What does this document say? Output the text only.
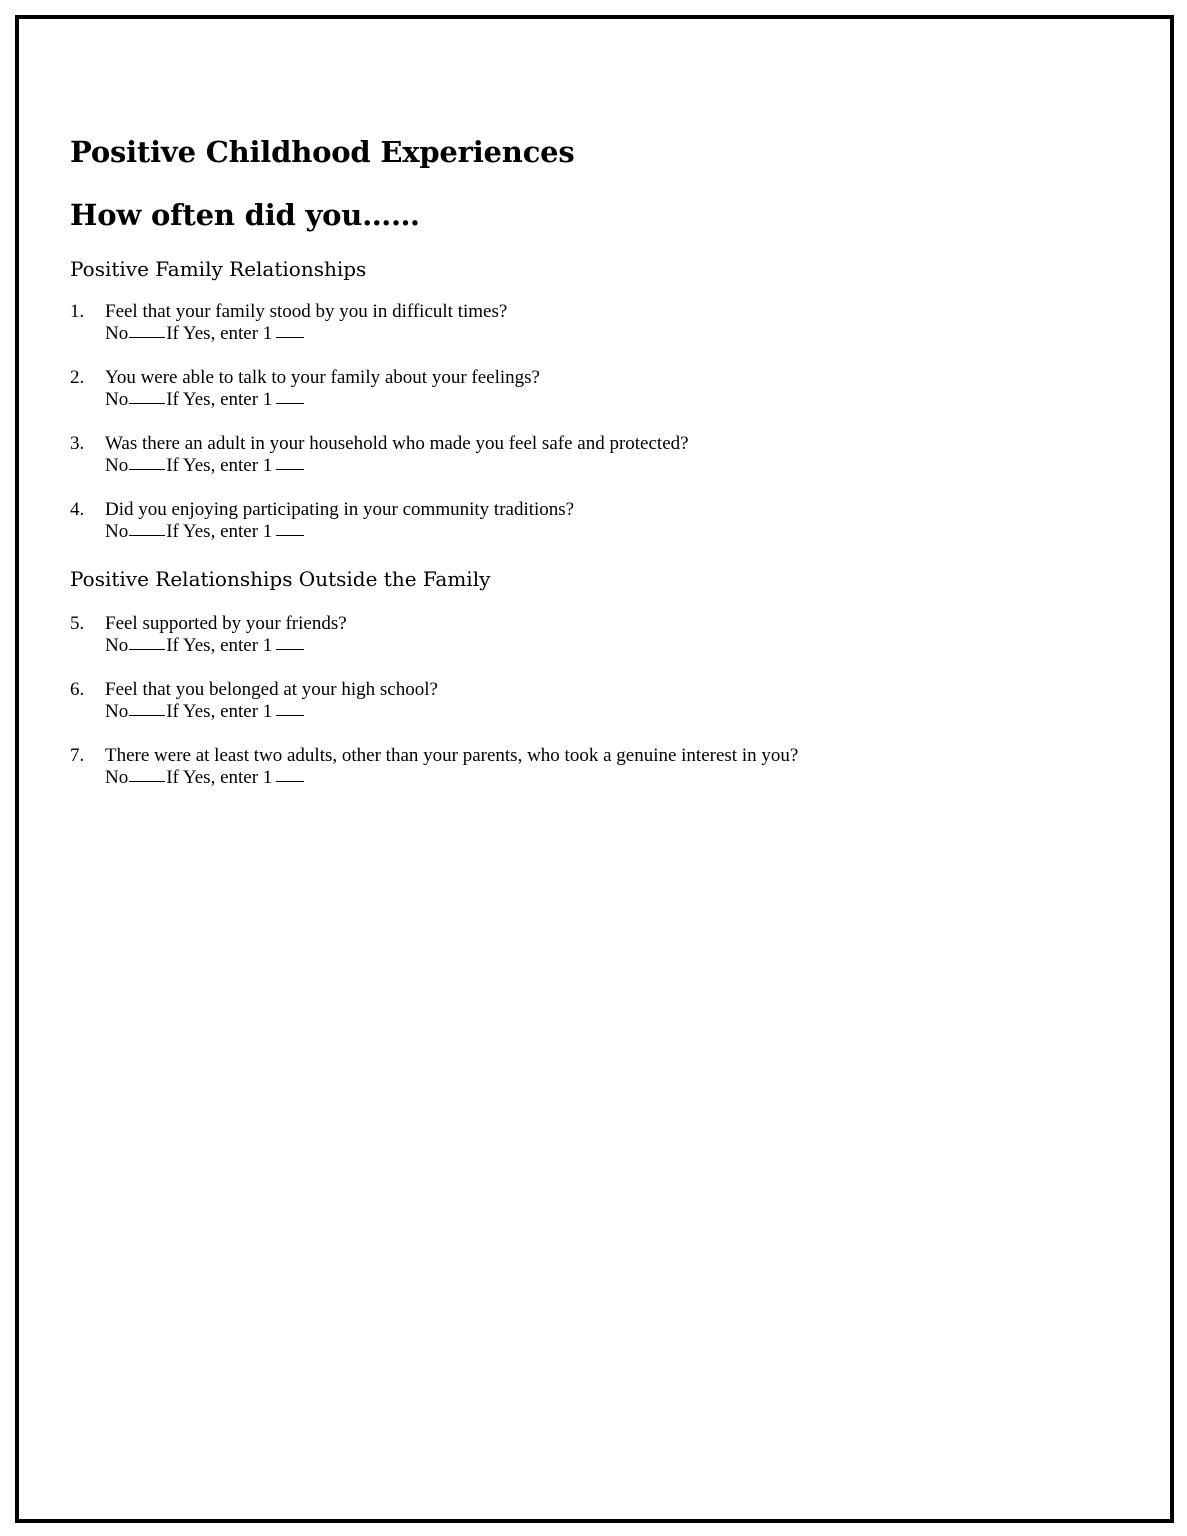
Positive Childhood Experiences
How often did you……
Positive Family Relationships
1.	Feel that your family stood by you in difficult times?
No If Yes, enter 1
2.	You were able to talk to your family about your feelings?
No If Yes, enter 1
3.	Was there an adult in your household who made you feel safe and protected?
No If Yes, enter 1
4.	Did you enjoying participating in your community traditions?
No If Yes, enter 1
Positive Relationships Outside the Family
5.	Feel supported by your friends?
No If Yes, enter 1
6.	Feel that you belonged at your high school?
No If Yes, enter 1
7.	There were at least two adults, other than your parents, who took a genuine interest in you?
No If Yes, enter 1
